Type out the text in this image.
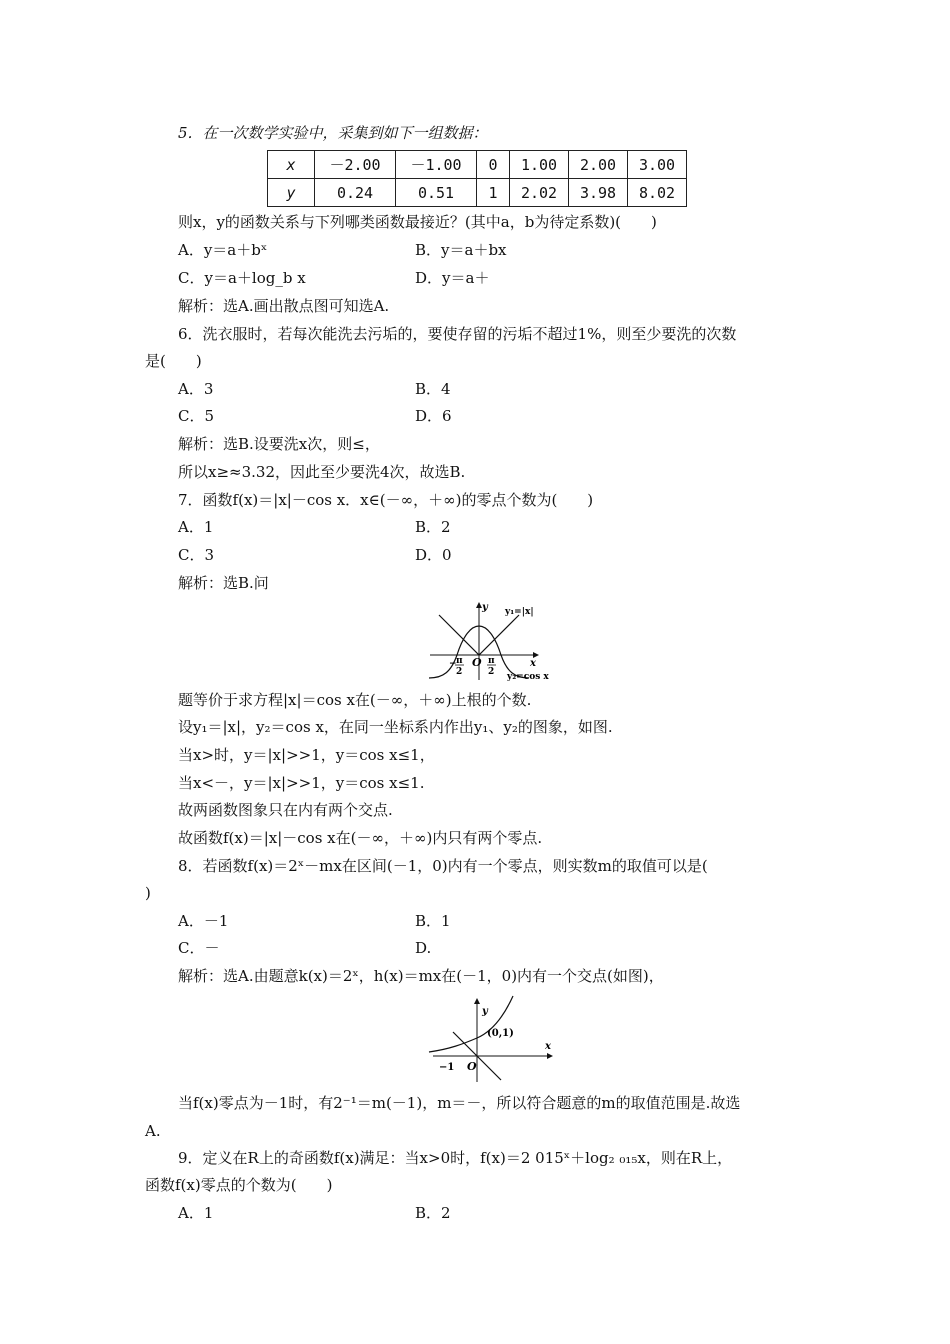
5．在一次数学实验中，采集到如下一组数据：
x	－2.00	－1.00	0	1.00	2.00	3.00
y	0.24	0.51	1	2.02	3.98	8.02
则x，y的函数关系与下列哪类函数最接近？(其中a，b为待定系数)(　　)
A．y＝a＋bˣ	B．y＝a＋bx
C．y＝a＋log_b x	D．y＝a＋
解析：选A.画出散点图可知选A.
6．洗衣服时，若每次能洗去污垢的，要使存留的污垢不超过1%，则至少要洗的次数
是(　　)
A．3	B．4
C．5	D．6
解析：选B.设要洗x次，则≤，
所以x≥≈3.32，因此至少要洗4次，故选B.
7．函数f(x)＝|x|－cos x．x∈(－∞，＋∞)的零点个数为(　　)
A．1	B．2
C．3	D．0
解析：选B.问
y
x
O
y₁=|x|
y₂=cos x
− π
2
π
2
题等价于求方程|x|＝cos x在(－∞，＋∞)上根的个数.
设y₁＝|x|，y₂＝cos x，在同一坐标系内作出y₁、y₂的图象，如图.
当x>时，y＝|x|>>1，y＝cos x≤1，
当x<－，y＝|x|>>1，y＝cos x≤1.
故两函数图象只在内有两个交点.
故函数f(x)＝|x|－cos x在(－∞，＋∞)内只有两个零点.
8．若函数f(x)＝2ˣ－mx在区间(－1，0)内有一个零点，则实数m的取值可以是(
)
A．－1	B．1
C．－	D.
解析：选A.由题意k(x)＝2ˣ，h(x)＝mx在(－1，0)内有一个交点(如图)，
y
x
O
−1
(0,1)
当f(x)零点为－1时，有2⁻¹＝m(－1)，m＝－，所以符合题意的m的取值范围是.故选
A.
9．定义在R上的奇函数f(x)满足：当x>0时，f(x)＝2 015ˣ＋log₂ ₀₁₅x，则在R上，
函数f(x)零点的个数为(　　)
A．1	B．2
